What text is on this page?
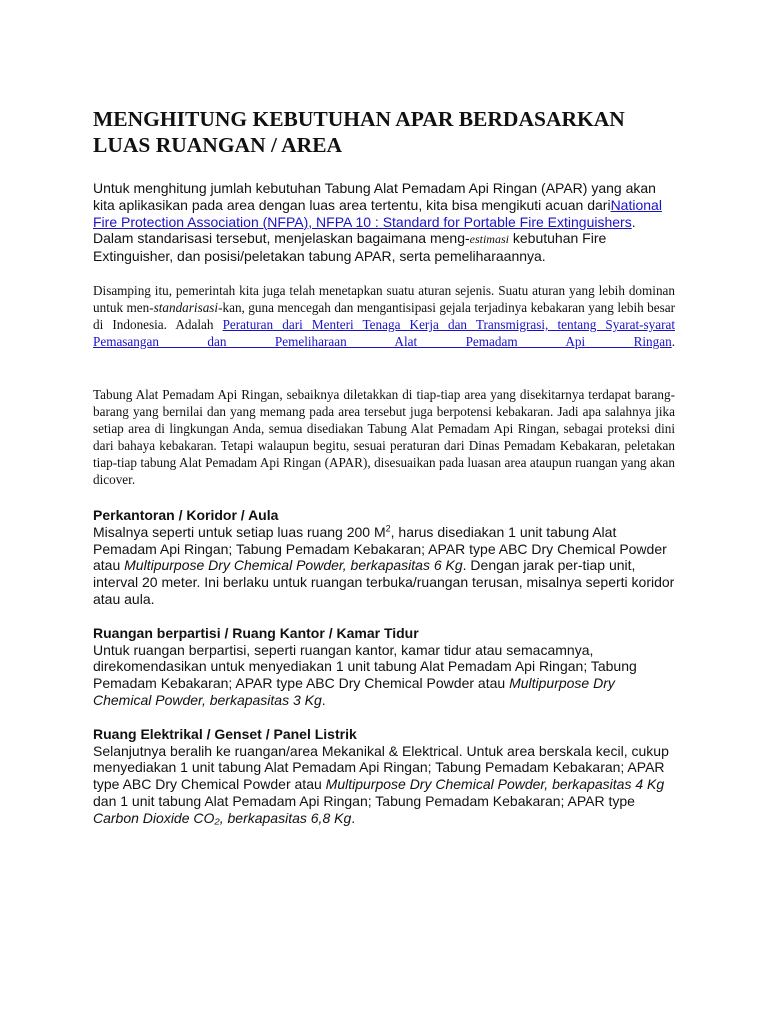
MENGHITUNG KEBUTUHAN APAR BERDASARKAN LUAS RUANGAN / AREA

Untuk menghitung jumlah kebutuhan Tabung Alat Pemadam Api Ringan (APAR) yang akan kita aplikasikan pada area dengan luas area tertentu, kita bisa mengikuti acuan dariNational Fire Protection Association (NFPA), NFPA 10 : Standard for Portable Fire Extinguishers. Dalam standarisasi tersebut, menjelaskan bagaimana meng-estimasi kebutuhan Fire Extinguisher, dan posisi/peletakan tabung APAR, serta pemeliharaannya.

Disamping itu, pemerintah kita juga telah menetapkan suatu aturan sejenis. Suatu aturan yang lebih dominan untuk men-standarisasi-kan, guna mencegah dan mengantisipasi gejala terjadinya kebakaran yang lebih besar di Indonesia. Adalah Peraturan dari Menteri Tenaga Kerja dan Transmigrasi, tentang Syarat-syarat Pemasangan dan Pemeliharaan Alat Pemadam Api Ringan.

Tabung Alat Pemadam Api Ringan, sebaiknya diletakkan di tiap-tiap area yang disekitarnya terdapat barang-barang yang bernilai dan yang memang pada area tersebut juga berpotensi kebakaran. Jadi apa salahnya jika setiap area di lingkungan Anda, semua disediakan Tabung Alat Pemadam Api Ringan, sebagai proteksi dini dari bahaya kebakaran. Tetapi walaupun begitu, sesuai peraturan dari Dinas Pemadam Kebakaran, peletakan tiap-tiap tabung Alat Pemadam Api Ringan (APAR), disesuaikan pada luasan area ataupun ruangan yang akan dicover.

Perkantoran / Koridor / Aula

Misalnya seperti untuk setiap luas ruang 200 $M^2$, harus disediakan 1 unit tabung Alat Pemadam Api Ringan; Tabung Pemadam Kebakaran; APAR type ABC Dry Chemical Powder atau Multipurpose Dry Chemical Powder, berkapasitas 6 Kg. Dengan jarak per-tiap unit, interval 20 meter. Ini berlaku untuk ruangan terbuka/ruangan terusan, misalnya seperti koridor atau aula.

Ruangan berpartisi / Ruang Kantor / Kamar Tidur

Untuk ruangan berpartisi, seperti ruangan kantor, kamar tidur atau semacamnya, direkomendasikan untuk menyediakan 1 unit tabung Alat Pemadam Api Ringan; Tabung Pemadam Kebakaran; APAR type ABC Dry Chemical Powder atau Multipurpose Dry Chemical Powder, berkapasitas 3 Kg.

Ruang Elektrikal / Genset / Panel Listrik

Selanjutnya beralih ke ruangan/area Mekanikal & Elektrical. Untuk area berskala kecil, cukup menyediakan 1 unit tabung Alat Pemadam Api Ringan; Tabung Pemadam Kebakaran; APAR type ABC Dry Chemical Powder atau Multipurpose Dry Chemical Powder, berkapasitas 4 Kg dan 1 unit tabung Alat Pemadam Api Ringan; Tabung Pemadam Kebakaran; APAR type Carbon Dioxide CO₂, berkapasitas 6,8 Kg.
